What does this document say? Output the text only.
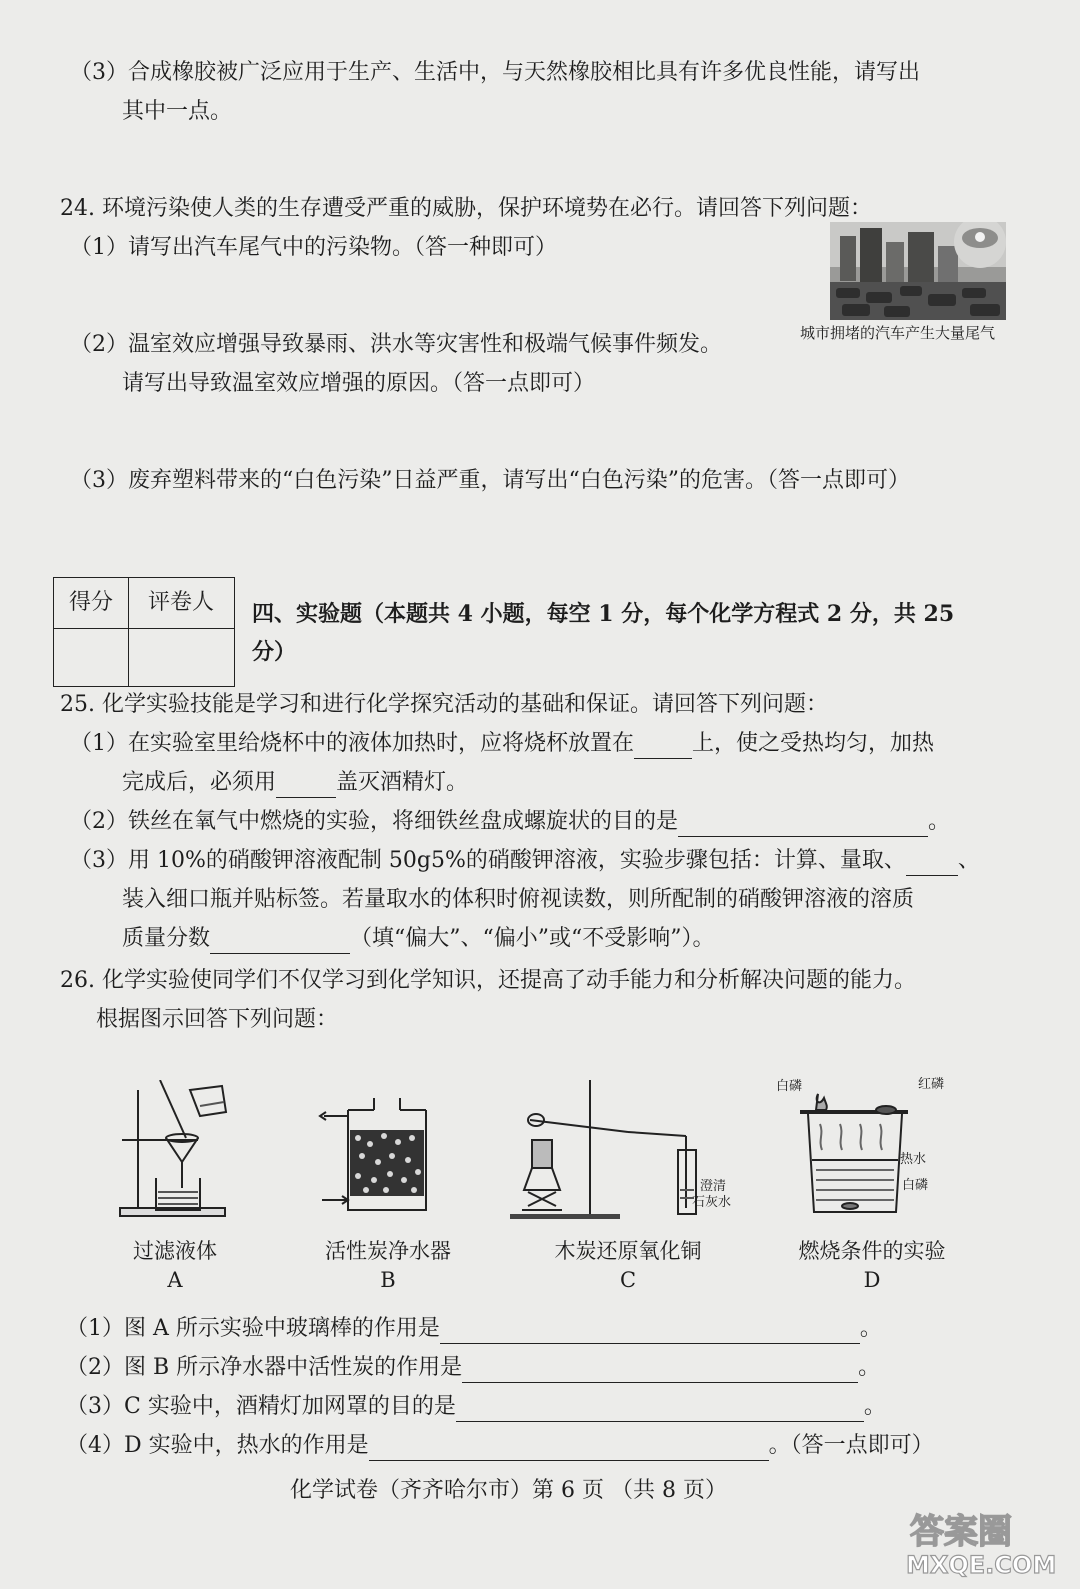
（3）合成橡胶被广泛应用于生产、生活中，与天然橡胶相比具有许多优良性能，请写出
其中一点。
24. 环境污染使人类的生存遭受严重的威胁，保护环境势在必行。请回答下列问题：
（1）请写出汽车尾气中的污染物。（答一种即可）
城市拥堵的汽车产生大量尾气
（2）温室效应增强导致暴雨、洪水等灾害性和极端气候事件频发。
请写出导致温室效应增强的原因。（答一点即可）
（3）废弃塑料带来的“白色污染”日益严重，请写出“白色污染”的危害。（答一点即可）
得分	评卷人	四、实验题（本题共 4 小题，每空 1 分，每个化学方程式 2 分，共 25
分）
25. 化学实验技能是学习和进行化学探究活动的基础和保证。请回答下列问题：
（1）在实验室里给烧杯中的液体加热时，应将烧杯放置在	上，使之受热均匀，加热
完成后，必须用	盖灭酒精灯。
（2）铁丝在氧气中燃烧的实验，将细铁丝盘成螺旋状的目的是	。
（3）用 10%的硝酸钾溶液配制 50g5%的硝酸钾溶液，实验步骤包括：计算、量取、 、
装入细口瓶并贴标签。若量取水的体积时俯视读数，则所配制的硝酸钾溶液的溶质
质量分数	（填“偏大”、“偏小”或“不受影响”）。
26. 化学实验使同学们不仅学习到化学知识，还提高了动手能力和分析解决问题的能力。
根据图示回答下列问题：
澄清
石灰水
白磷	红磷
热水
白磷
过滤液体
A
活性炭净水器
B
木炭还原氧化铜
C
燃烧条件的实验
D
（1）图 A 所示实验中玻璃棒的作用是	。
（2）图 B 所示净水器中活性炭的作用是	。
（3）C 实验中，酒精灯加网罩的目的是	。
（4）D 实验中，热水的作用是	。（答一点即可）
化学试卷（齐齐哈尔市）第 6 页 （共 8 页）
答案圈
MXQE.COM
